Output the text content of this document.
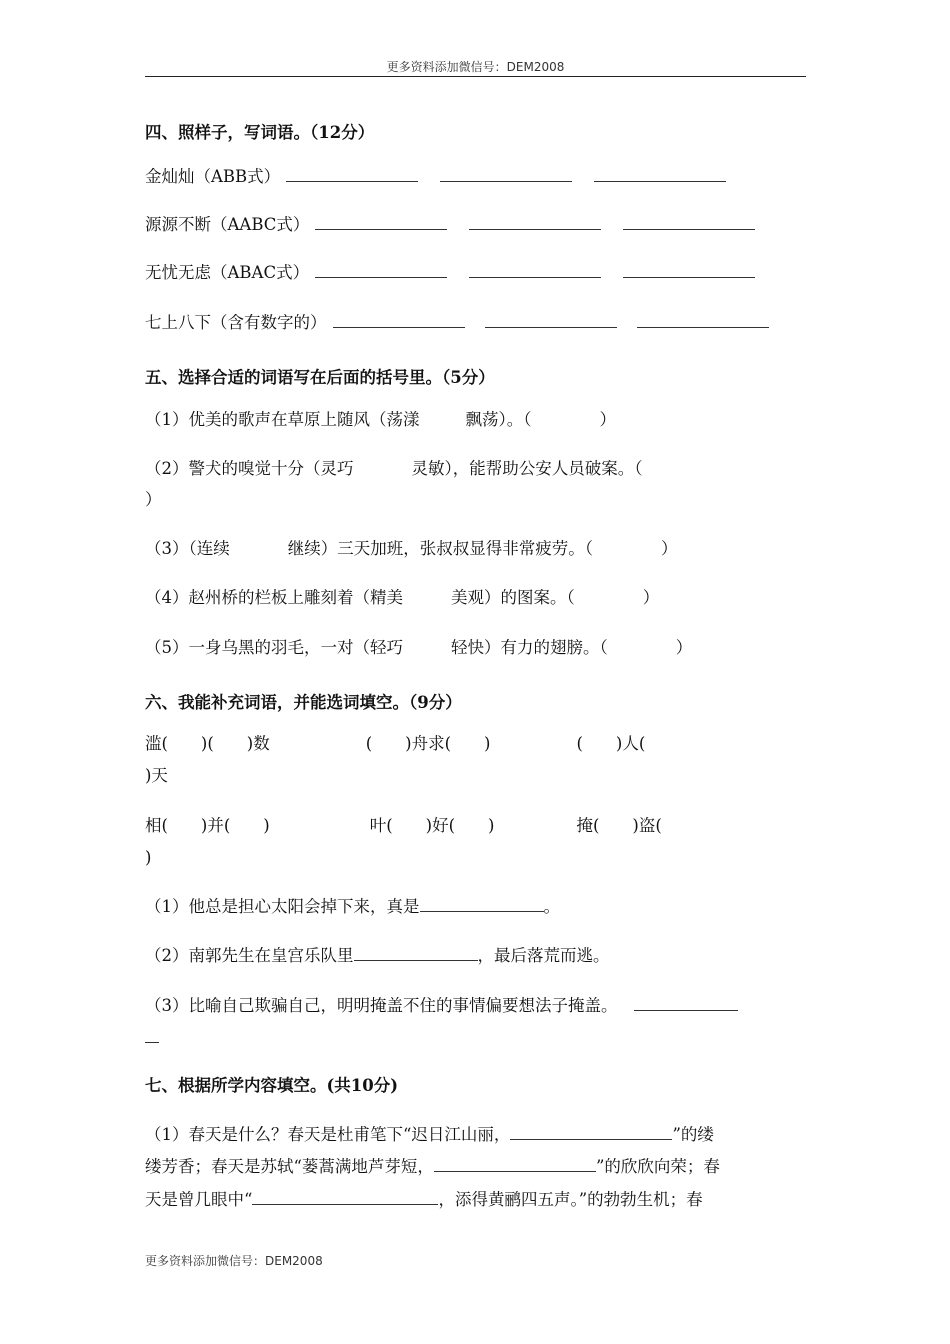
更多资料添加微信号：DEM2008
四、照样子，写词语。（12分）
金灿灿（ABB式）
源源不断（AABC式）
无忧无虑（ABAC式）
七上八下（含有数字的）
五、选择合适的词语写在后面的括号里。（5分）
（1）优美的歌声在草原上随风（荡漾	飘荡）。（	）
（2）警犬的嗅觉十分（灵巧	灵敏），能帮助公安人员破案。（
）
（3）（连续	继续）三天加班，张叔叔显得非常疲劳。（	）
（4）赵州桥的栏板上雕刻着（精美	美观）的图案。（	）
（5）一身乌黑的羽毛，一对（轻巧	轻快）有力的翅膀。（	）
六、我能补充词语，并能选词填空。（9分）
滥(　　)(　　)数	(　　)舟求(　　)	(　　)人(
)天
相(　　)并(　　)	叶(　　)好(　　)	掩(　　)盗(
)
（1）他总是担心太阳会掉下来，真是	。
（2）南郭先生在皇宫乐队里	，最后落荒而逃。
（3）比喻自己欺骗自己，明明掩盖不住的事情偏要想法子掩盖。
七、根据所学内容填空。(共10分)
（1）春天是什么？春天是杜甫笔下“迟日江山丽，	”的缕
缕芳香；春天是苏轼“蒌蒿满地芦芽短，	”的欣欣向荣；春
天是曾几眼中“	，添得黄鹂四五声。”的勃勃生机；春
更多资料添加微信号：DEM2008
